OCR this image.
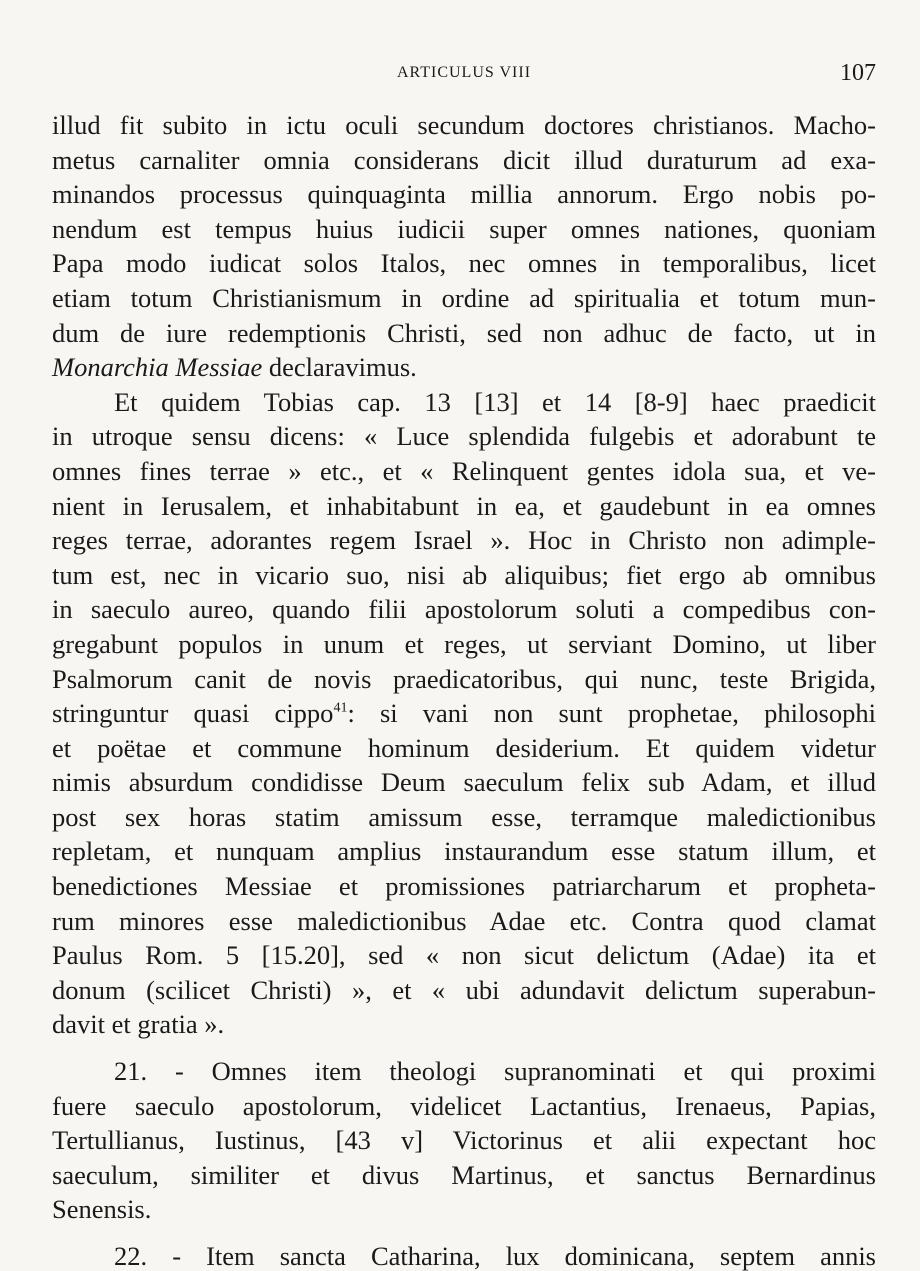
ARTICULUS VIII	107
illud fit subito in ictu oculi secundum doctores christianos. Macho-
metus carnaliter omnia considerans dicit illud duraturum ad exa-
minandos processus quinquaginta millia annorum. Ergo nobis po-
nendum est tempus huius iudicii super omnes nationes, quoniam
Papa modo iudicat solos Italos, nec omnes in temporalibus, licet
etiam totum Christianismum in ordine ad spiritualia et totum mun-
dum de iure redemptionis Christi, sed non adhuc de facto, ut in
Monarchia Messiae declaravimus.
Et quidem Tobias cap. 13 [13] et 14 [8-9] haec praedicit
in utroque sensu dicens: « Luce splendida fulgebis et adorabunt te
omnes fines terrae » etc., et « Relinquent gentes idola sua, et ve-
nient in Ierusalem, et inhabitabunt in ea, et gaudebunt in ea omnes
reges terrae, adorantes regem Israel ». Hoc in Christo non adimple-
tum est, nec in vicario suo, nisi ab aliquibus; fiet ergo ab omnibus
in saeculo aureo, quando filii apostolorum soluti a compedibus con-
gregabunt populos in unum et reges, ut serviant Domino, ut liber
Psalmorum canit de novis praedicatoribus, qui nunc, teste Brigida,
stringuntur quasi cippo$^{41}$: si vani non sunt prophetae, philosophi
et poëtae et commune hominum desiderium. Et quidem videtur
nimis absurdum condidisse Deum saeculum felix sub Adam, et illud
post sex horas statim amissum esse, terramque maledictionibus
repletam, et nunquam amplius instaurandum esse statum illum, et
benedictiones Messiae et promissiones patriarcharum et propheta-
rum minores esse maledictionibus Adae etc. Contra quod clamat
Paulus Rom. 5 [15.20], sed « non sicut delictum (Adae) ita et
donum (scilicet Christi) », et « ubi adundavit delictum superabun-
davit et gratia ».
21. - Omnes item theologi supranominati et qui proximi
fuere saeculo apostolorum, videlicet Lactantius, Irenaeus, Papias,
Tertullianus, Iustinus, [43 v] Victorinus et alii expectant hoc
saeculum, similiter et divus Martinus, et sanctus Bernardinus
Senensis.
22. - Item sancta Catharina, lux dominicana, septem annis
